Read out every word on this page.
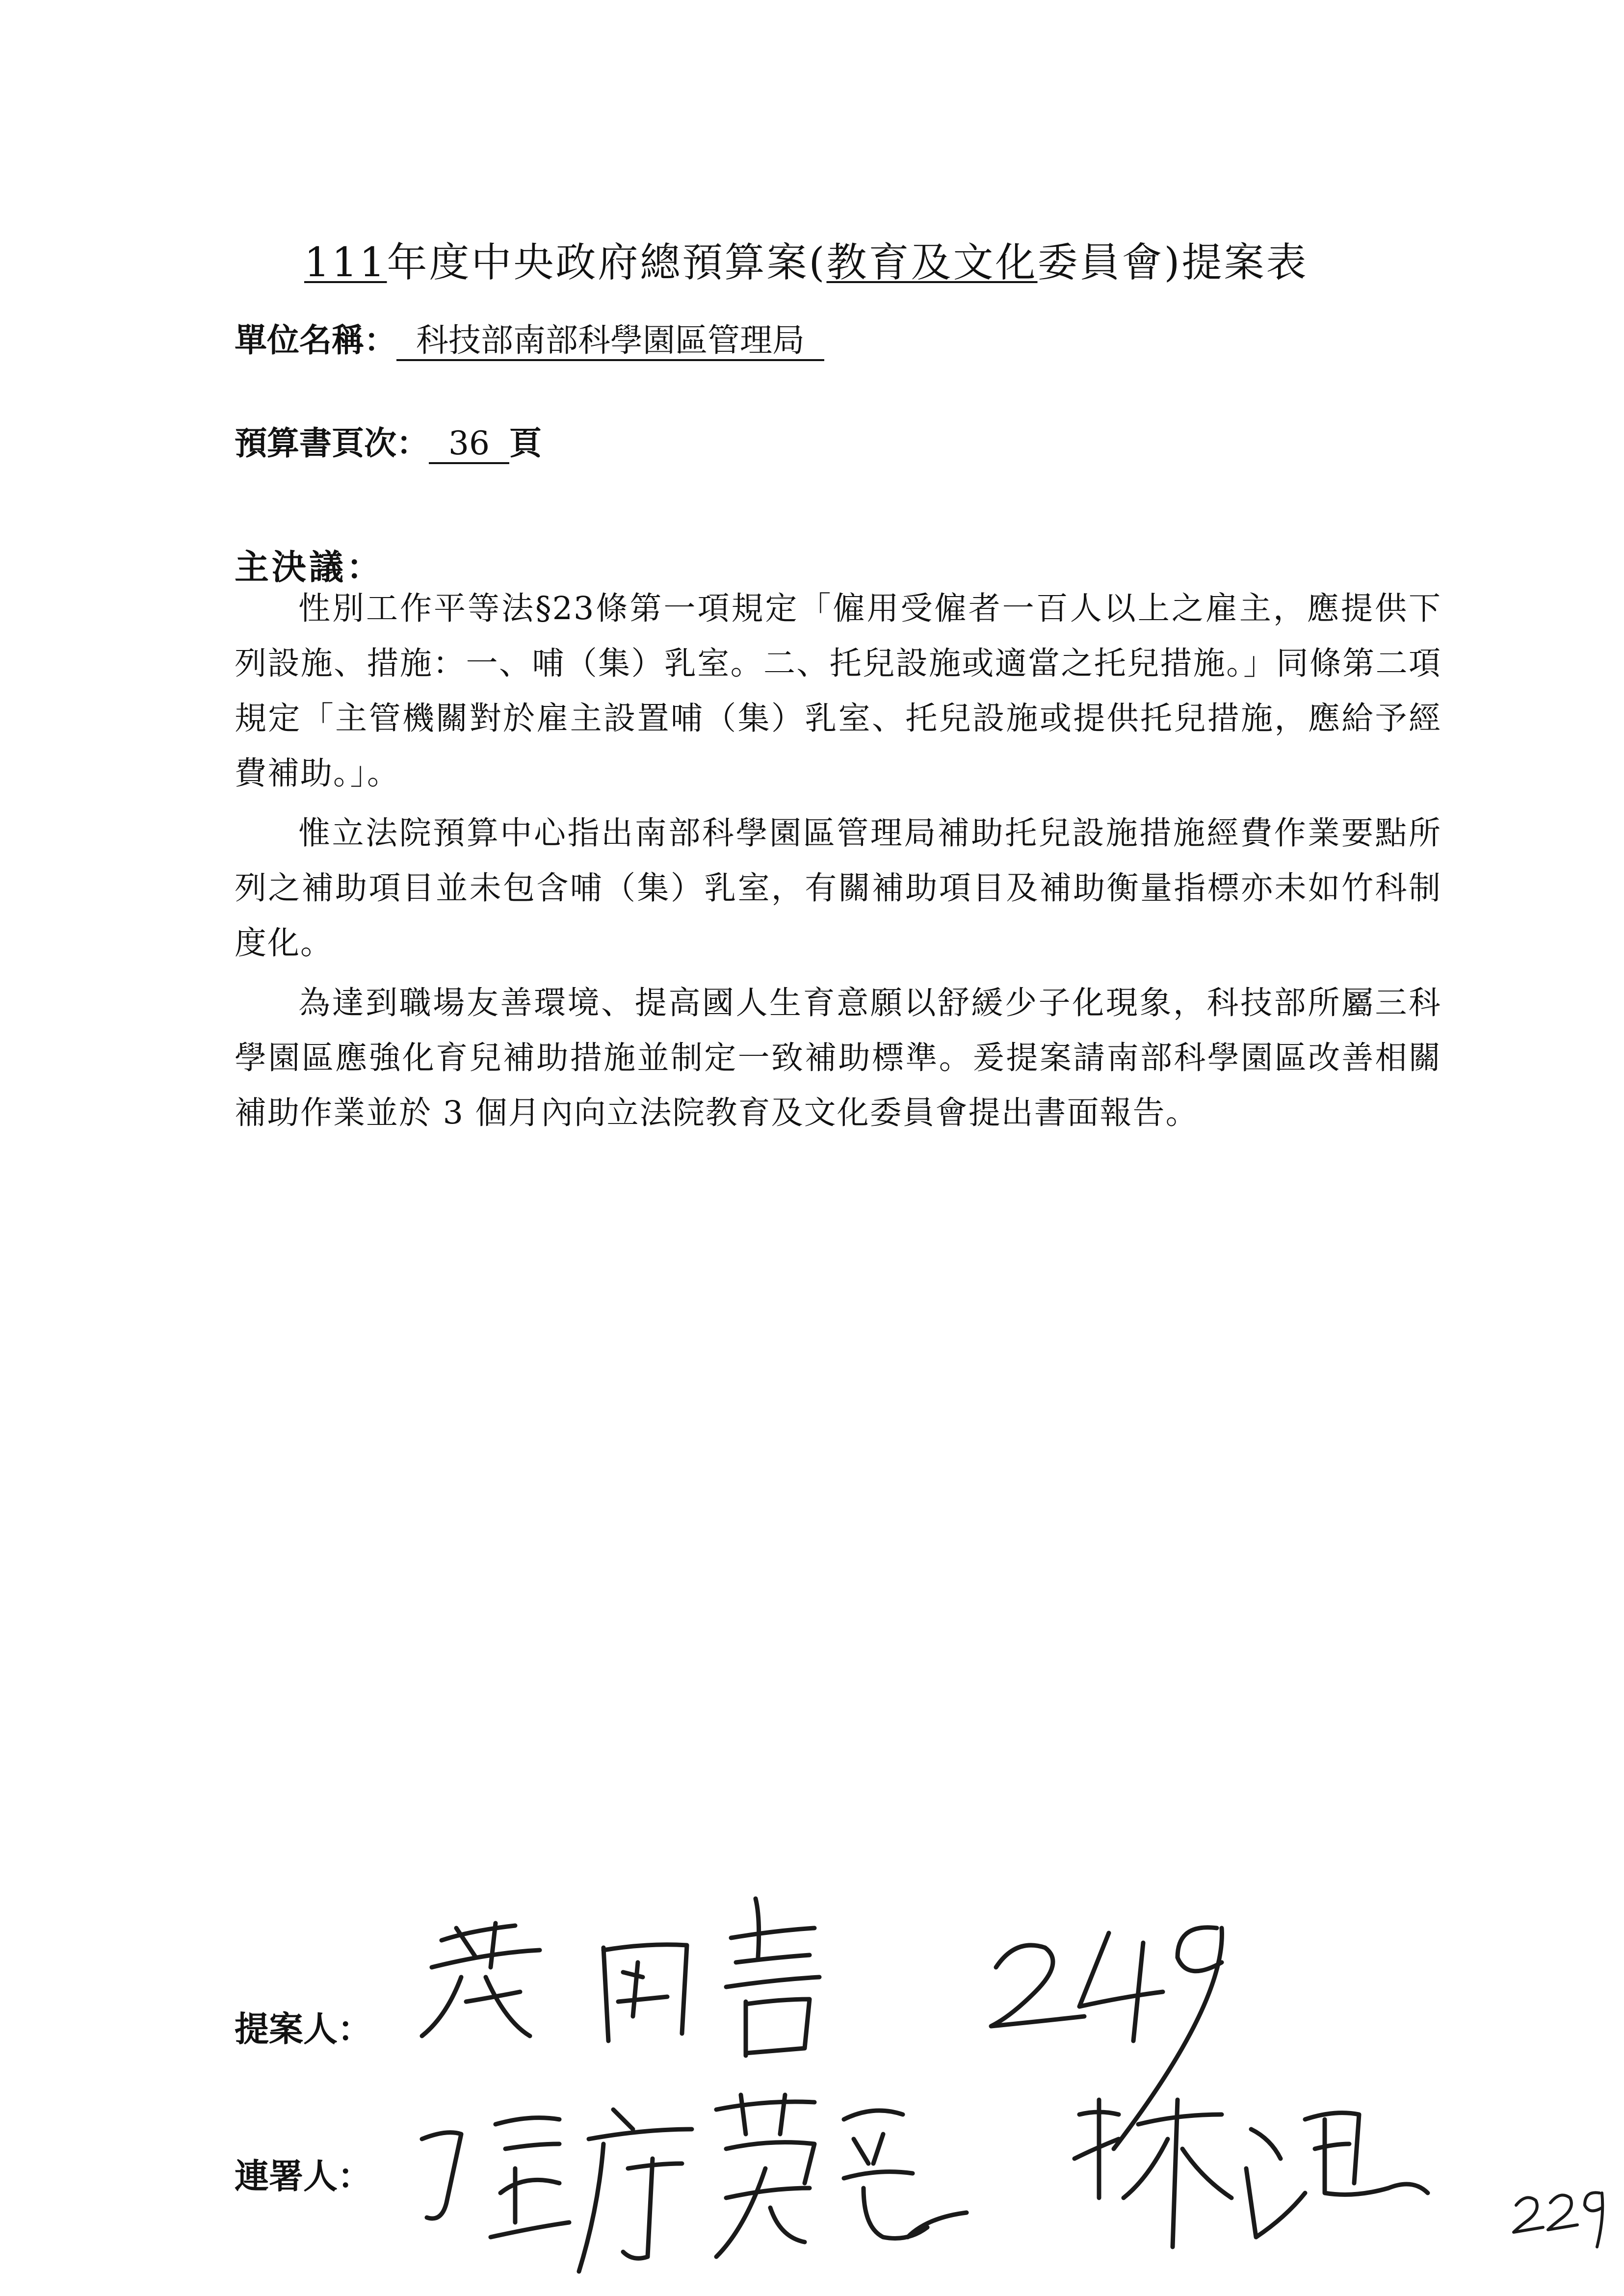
111年度中央政府總預算案(教育及文化委員會)提案表
單位名稱： 科技部南部科學園區管理局
預算書頁次： 36 頁
主決議：

性別工作平等法§23條第一項規定「僱用受僱者一百人以上之雇主，應提供下列設施、措施：一、哺（集）乳室。二、托兒設施或適當之托兒措施。」同條第二項規定「主管機關對於雇主設置哺（集）乳室、托兒設施或提供托兒措施，應給予經費補助。」。

惟立法院預算中心指出南部科學園區管理局補助托兒設施措施經費作業要點所列之補助項目並未包含哺（集）乳室，有關補助項目及補助衡量指標亦未如竹科制度化。

為達到職場友善環境、提高國人生育意願以舒緩少子化現象，科技部所屬三科學園區應強化育兒補助措施並制定一致補助標準。爰提案請南部科學園區改善相關補助作業並於 3 個月內向立法院教育及文化委員會提出書面報告。

提案人：
連署人：
